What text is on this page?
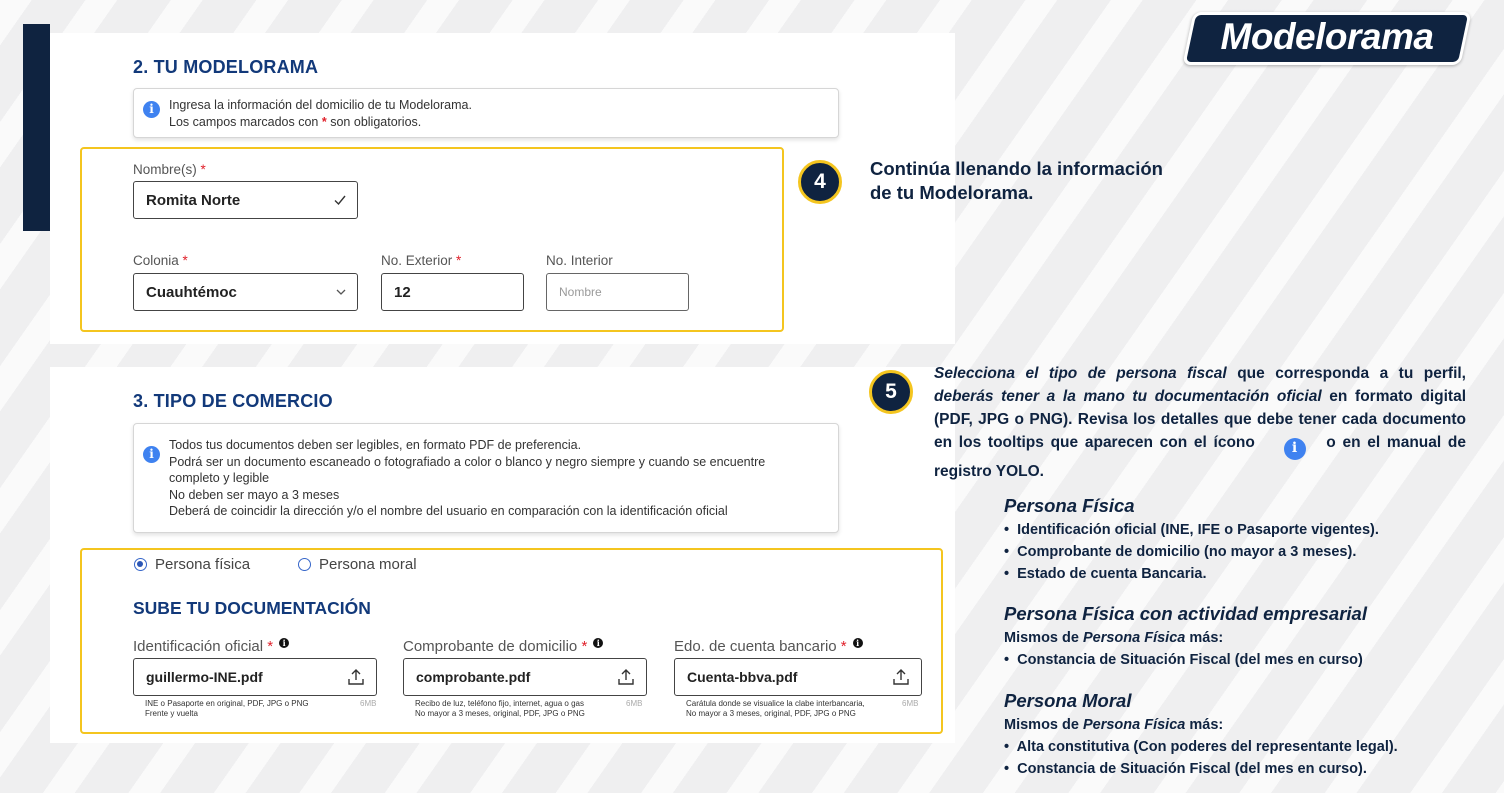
Modelorama
2. TU MODELORAMA
i	Ingresa la información del domicilio de tu Modelorama.
Los campos marcados con * son obligatorios.
Nombre(s) *
Romita Norte
Colonia *
Cuauhtémoc
No. Exterior *
12
No. Interior
Nombre
3. TIPO DE COMERCIO
i
Todos tus documentos deben ser legibles, en formato PDF de preferencia.
Podrá ser un documento escaneado o fotografiado a color o blanco y negro siempre y cuando se encuentre
completo y legible
No deben ser mayo a 3 meses
Deberá de coincidir la dirección y/o el nombre del usuario en comparación con la identificación oficial
Persona física	Persona moral
SUBE TU DOCUMENTACIÓN
Identificación oficial * i
guillermo-INE.pdf
INE o Pasaporte en original, PDF, JPG o PNG
Frente y vuelta
6MB
Comprobante de domicilio * i
comprobante.pdf
Recibo de luz, teléfono fijo, internet, agua o gas
No mayor a 3 meses, original, PDF, JPG o PNG
6MB
Edo. de cuenta bancario * i
Cuenta-bbva.pdf
Carátula donde se visualice la clabe interbancaria,
No mayor a 3 meses, original, PDF, JPG o PNG
6MB
4
Continúa llenando la información
de tu Modelorama.
5
Selecciona el tipo de persona fiscal que corresponda a tu perfil, deberás tener a la mano tu documentación oficial en formato digital (PDF, JPG o PNG). Revisa los detalles que debe tener cada documento en los tooltips que aparecen con el ícono i o en el manual de registro YOLO.
Persona Física
• Identificación oficial (INE, IFE o Pasaporte vigentes).
• Comprobante de domicilio (no mayor a 3 meses).
• Estado de cuenta Bancaria.
Persona Física con actividad empresarial
Mismos de Persona Física más:
• Constancia de Situación Fiscal (del mes en curso)
Persona Moral
Mismos de Persona Física más:
• Alta constitutiva (Con poderes del representante legal).
• Constancia de Situación Fiscal (del mes en curso).
